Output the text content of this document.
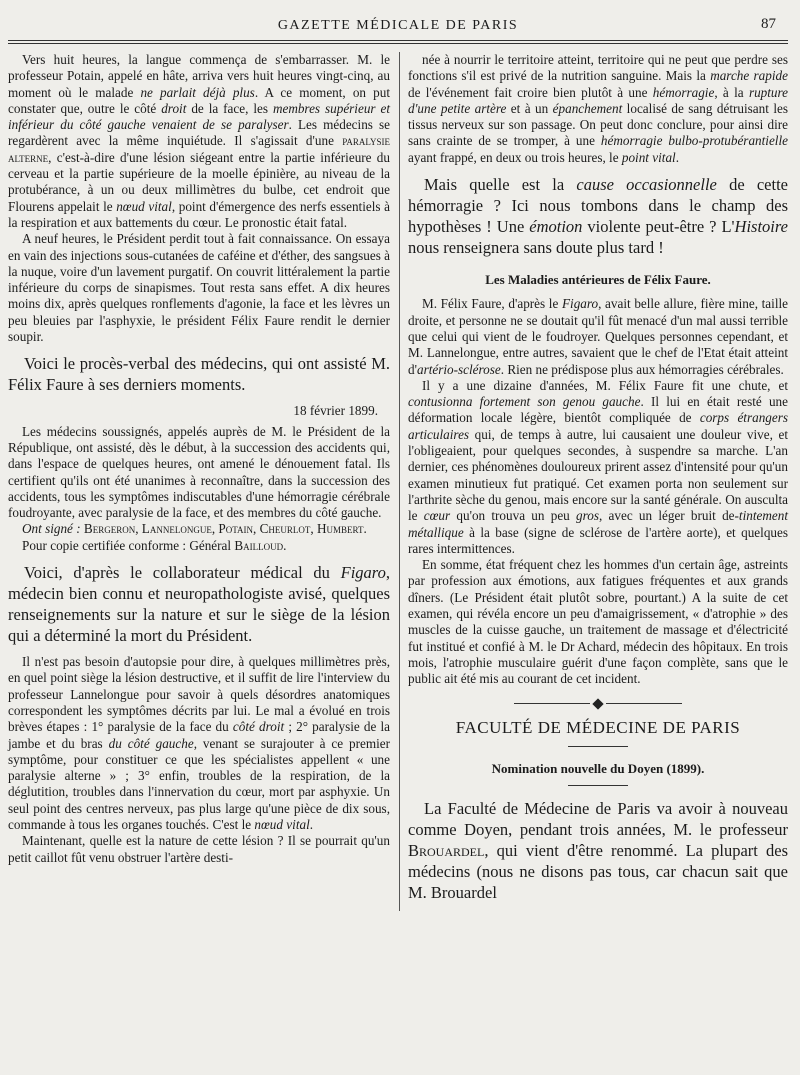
GAZETTE MÉDICALE DE PARIS	87

Vers huit heures, la langue commença de s'embarrasser. M. le professeur Potain, appelé en hâte, arriva vers huit heures vingt-cinq, au moment où le malade ne parlait déjà plus. A ce moment, on put constater que, outre le côté droit de la face, les membres supérieur et inférieur du côté gauche venaient de se paralyser. Les médecins se regardèrent avec la même inquiétude. Il s'agissait d'une paralysie alterne, c'est-à-dire d'une lésion siégeant entre la partie inférieure du cerveau et la partie supérieure de la moelle épinière, au niveau de la protubérance, à un ou deux millimètres du bulbe, cet endroit que Flourens appelait le nœud vital, point d'émergence des nerfs essentiels à la respiration et aux battements du cœur. Le pronostic était fatal.

A neuf heures, le Président perdit tout à fait connaissance. On essaya en vain des injections sous-cutanées de caféine et d'éther, des sangsues à la nuque, voire d'un lavement purgatif. On couvrit littéralement la partie inférieure du corps de sinapismes. Tout resta sans effet. A dix heures moins dix, après quelques ronflements d'agonie, la face et les lèvres un peu bleuies par l'asphyxie, le président Félix Faure rendit le dernier soupir.

Voici le procès-verbal des médecins, qui ont assisté M. Félix Faure à ses derniers moments.

18 février 1899.

Les médecins soussignés, appelés auprès de M. le Président de la République, ont assisté, dès le début, à la succession des accidents qui, dans l'espace de quelques heures, ont amené le dénouement fatal. Ils certifient qu'ils ont été unanimes à reconnaître, dans la succession des accidents, tous les symptômes indiscutables d'une hémorragie cérébrale foudroyante, avec paralysie de la face, et des membres du côté gauche.

Ont signé : Bergeron, Lannelongue, Potain, Cheurlot, Humbert.

Pour copie certifiée conforme : Général Bailloud.

Voici, d'après le collaborateur médical du Figaro, médecin bien connu et neuropathologiste avisé, quelques renseignements sur la nature et sur le siège de la lésion qui a déterminé la mort du Président.

Il n'est pas besoin d'autopsie pour dire, à quelques millimètres près, en quel point siège la lésion destructive, et il suffit de lire l'interview du professeur Lannelongue pour savoir à quels désordres anatomiques correspondent les symptômes décrits par lui. Le mal a évolué en trois brèves étapes : 1° paralysie de la face du côté droit ; 2° paralysie de la jambe et du bras du côté gauche, venant se surajouter à ce premier symptôme, pour constituer ce que les spécialistes appellent « une paralysie alterne » ; 3° enfin, troubles de la respiration, de la déglutition, troubles dans l'innervation du cœur, mort par asphyxie. Un seul point des centres nerveux, pas plus large qu'une pièce de dix sous, commande à tous les organes touchés. C'est le nœud vital.

Maintenant, quelle est la nature de cette lésion ? Il se pourrait qu'un petit caillot fût venu obstruer l'artère desti-

née à nourrir le territoire atteint, territoire qui ne peut que perdre ses fonctions s'il est privé de la nutrition sanguine. Mais la marche rapide de l'événement fait croire bien plutôt à une hémorragie, à la rupture d'une petite artère et à un épanchement localisé de sang détruisant les tissus nerveux sur son passage. On peut donc conclure, pour ainsi dire sans crainte de se tromper, à une hémorragie bulbo-protubérantielle ayant frappé, en deux ou trois heures, le point vital.

Mais quelle est la cause occasionnelle de cette hémorragie ? Ici nous tombons dans le champ des hypothèses ! Une émotion violente peut-être ? L'Histoire nous renseignera sans doute plus tard !

Les Maladies antérieures de Félix Faure.

M. Félix Faure, d'après le Figaro, avait belle allure, fière mine, taille droite, et personne ne se doutait qu'il fût menacé d'un mal aussi terrible que celui qui vient de le foudroyer. Quelques personnes cependant, et M. Lannelongue, entre autres, savaient que le chef de l'Etat était atteint d'artério-sclérose. Rien ne prédispose plus aux hémorragies cérébrales.

Il y a une dizaine d'années, M. Félix Faure fit une chute, et contusionna fortement son genou gauche. Il lui en était resté une déformation locale légère, bientôt compliquée de corps étrangers articulaires qui, de temps à autre, lui causaient une douleur vive, et l'obligeaient, pour quelques secondes, à suspendre sa marche. L'an dernier, ces phénomènes douloureux prirent assez d'intensité pour qu'un examen minutieux fut pratiqué. Cet examen porta non seulement sur l'arthrite sèche du genou, mais encore sur la santé générale. On ausculta le cœur qu'on trouva un peu gros, avec un léger bruit de-tintement métallique à la base (signe de sclérose de l'artère aorte), et quelques rares intermittences.

En somme, état fréquent chez les hommes d'un certain âge, astreints par profession aux émotions, aux fatigues fréquentes et aux grands dîners. (Le Président était plutôt sobre, pourtant.) A la suite de cet examen, qui révéla encore un peu d'amaigrissement, « d'atrophie » des muscles de la cuisse gauche, un traitement de massage et d'électricité fut institué et confié à M. le Dr Achard, médecin des hôpitaux. En trois mois, l'atrophie musculaire guérit d'une façon complète, sans que le public ait été mis au courant de cet incident.

FACULTÉ DE MÉDECINE DE PARIS

Nomination nouvelle du Doyen (1899).

La Faculté de Médecine de Paris va avoir à nouveau comme Doyen, pendant trois années, M. le professeur Brouardel, qui vient d'être renommé. La plupart des médecins (nous ne disons pas tous, car chacun sait que M. Brouardel
